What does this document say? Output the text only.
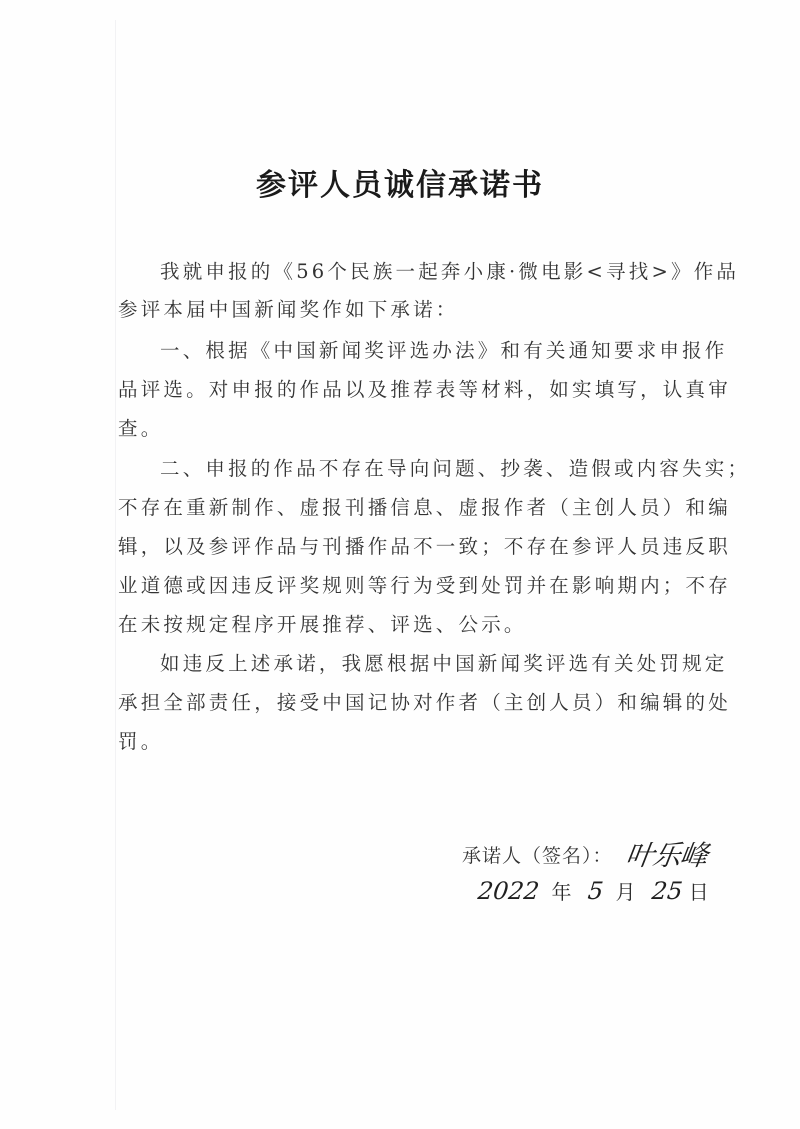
参评人员诚信承诺书
我就申报的《56个民族一起奔小康·微电影<寻找>》作品
参评本届中国新闻奖作如下承诺：
一、根据《中国新闻奖评选办法》和有关通知要求申报作
品评选。对申报的作品以及推荐表等材料，如实填写，认真审
查。
二、申报的作品不存在导向问题、抄袭、造假或内容失实；
不存在重新制作、虚报刊播信息、虚报作者（主创人员）和编
辑，以及参评作品与刊播作品不一致；不存在参评人员违反职
业道德或因违反评奖规则等行为受到处罚并在影响期内；不存
在未按规定程序开展推荐、评选、公示。
如违反上述承诺，我愿根据中国新闻奖评选有关处罚规定
承担全部责任，接受中国记协对作者（主创人员）和编辑的处
罚。
承诺人（签名）： 叶乐峰
2022 年 5 月 25 日
